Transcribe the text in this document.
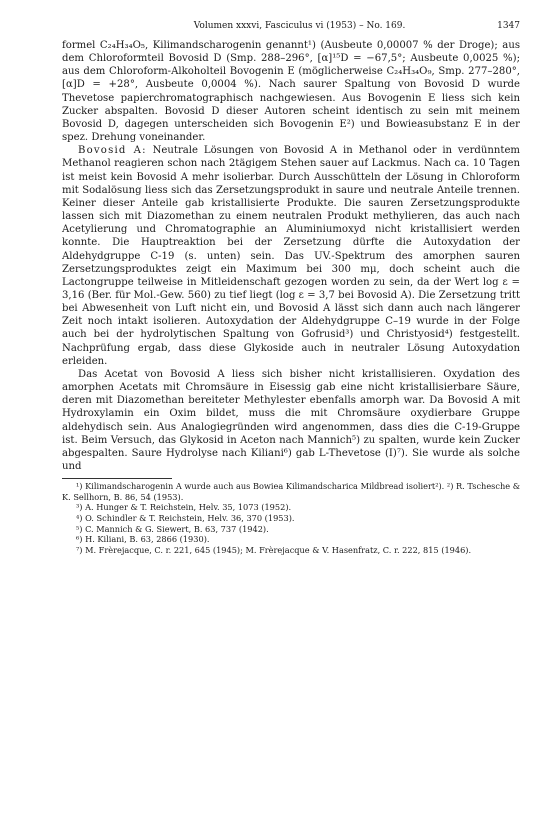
Volumen xxxvi, Fasciculus vi (1953) – No. 169.	1347

formel C₂₄H₃₄O₅, Kilimandscharogenin genannt¹) (Ausbeute 0,00007 % der Droge); aus dem Chloroformteil Bovosid D (Smp. 288–296°, [α]¹⁵D = −67,5°; Ausbeute 0,0025 %); aus dem Chloroform-Alkoholteil Bovogenin E (möglicherweise C₂₄H₃₄O₉, Smp. 277–280°, [α]D = +28°, Ausbeute 0,0004 %). Nach saurer Spaltung von Bovosid D wurde Thevetose papierchromatographisch nachgewiesen. Aus Bovogenin E liess sich kein Zucker abspalten. Bovosid D dieser Autoren scheint identisch zu sein mit meinem Bovosid D, dagegen unterscheiden sich Bovogenin E²) und Bowieasubstanz E in der spez. Drehung voneinander.

Bovosid A: Neutrale Lösungen von Bovosid A in Methanol oder in verdünntem Methanol reagieren schon nach 2tägigem Stehen sauer auf Lackmus. Nach ca. 10 Tagen ist meist kein Bovosid A mehr isolierbar. Durch Ausschütteln der Lösung in Chloroform mit Sodalösung liess sich das Zersetzungsprodukt in saure und neutrale Anteile trennen. Keiner dieser Anteile gab kristallisierte Produkte. Die sauren Zersetzungsprodukte lassen sich mit Diazomethan zu einem neutralen Produkt methylieren, das auch nach Acetylierung und Chromatographie an Aluminiumoxyd nicht kristallisiert werden konnte. Die Hauptreaktion bei der Zersetzung dürfte die Autoxydation der Aldehydgruppe C-19 (s. unten) sein. Das UV.-Spektrum des amorphen sauren Zersetzungsproduktes zeigt ein Maximum bei 300 mμ, doch scheint auch die Lactongruppe teilweise in Mitleidenschaft gezogen worden zu sein, da der Wert log ε = 3,16 (Ber. für Mol.-Gew. 560) zu tief liegt (log ε = 3,7 bei Bovosid A). Die Zersetzung tritt bei Abwesenheit von Luft nicht ein, und Bovosid A lässt sich dann auch nach längerer Zeit noch intakt isolieren. Autoxydation der Aldehydgruppe C–19 wurde in der Folge auch bei der hydrolytischen Spaltung von Gofrusid³) und Christyosid⁴) festgestellt. Nachprüfung ergab, dass diese Glykoside auch in neutraler Lösung Autoxydation erleiden.

Das Acetat von Bovosid A liess sich bisher nicht kristallisieren. Oxydation des amorphen Acetats mit Chromsäure in Eisessig gab eine nicht kristallisierbare Säure, deren mit Diazomethan bereiteter Methylester ebenfalls amorph war. Da Bovosid A mit Hydroxylamin ein Oxim bildet, muss die mit Chromsäure oxydierbare Gruppe aldehydisch sein. Aus Analogiegründen wird angenommen, dass dies die C-19-Gruppe ist. Beim Versuch, das Glykosid in Aceton nach Mannich⁵) zu spalten, wurde kein Zucker abgespalten. Saure Hydrolyse nach Kiliani⁶) gab L-Thevetose (I)⁷). Sie wurde als solche und

¹) Kilimandscharogenin A wurde auch aus Bowiea Kilimandscharica Mildbread isoliert²). ²) R. Tschesche & K. Sellhorn, B. 86, 54 (1953).

³) A. Hunger & T. Reichstein, Helv. 35, 1073 (1952).

⁴) O. Schindler & T. Reichstein, Helv. 36, 370 (1953).

⁵) C. Mannich & G. Siewert, B. 63, 737 (1942).

⁶) H. Kiliani, B. 63, 2866 (1930).

⁷) M. Frèrejacque, C. r. 221, 645 (1945); M. Frèrejacque & V. Hasenfratz, C. r. 222, 815 (1946).
